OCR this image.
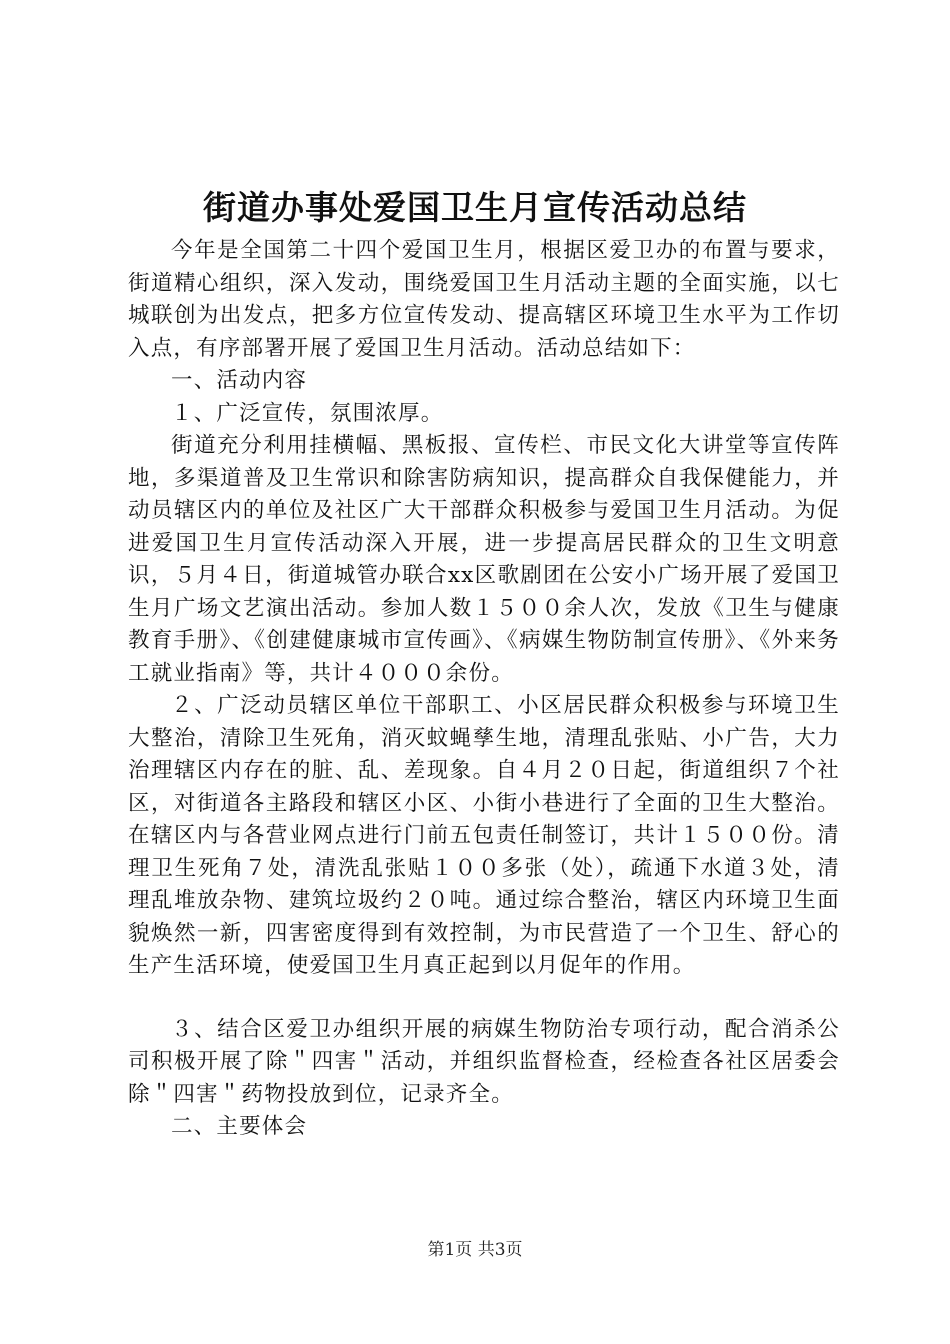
街道办事处爱国卫生月宣传活动总结

今年是全国第二十四个爱国卫生月，根据区爱卫办的布置与要求，街道精心组织，深入发动，围绕爱国卫生月活动主题的全面实施，以七城联创为出发点，把多方位宣传发动、提高辖区环境卫生水平为工作切入点，有序部署开展了爱国卫生月活动。活动总结如下：

一、活动内容

１、广泛宣传，氛围浓厚。

街道充分利用挂横幅、黑板报、宣传栏、市民文化大讲堂等宣传阵地，多渠道普及卫生常识和除害防病知识，提高群众自我保健能力，并动员辖区内的单位及社区广大干部群众积极参与爱国卫生月活动。为促进爱国卫生月宣传活动深入开展，进一步提高居民群众的卫生文明意识，５月４日，街道城管办联合xx区歌剧团在公安小广场开展了爱国卫生月广场文艺演出活动。参加人数１５００余人次，发放《卫生与健康教育手册》、《创建健康城市宣传画》、《病媒生物防制宣传册》、《外来务工就业指南》等，共计４０００余份。

２、广泛动员辖区单位干部职工、小区居民群众积极参与环境卫生大整治，清除卫生死角，消灭蚊蝇孳生地，清理乱张贴、小广告，大力治理辖区内存在的脏、乱、差现象。自４月２０日起，街道组织７个社区，对街道各主路段和辖区小区、小街小巷进行了全面的卫生大整治。在辖区内与各营业网点进行门前五包责任制签订，共计１５００份。清理卫生死角７处，清洗乱张贴１００多张（处），疏通下水道３处，清理乱堆放杂物、建筑垃圾约２０吨。通过综合整治，辖区内环境卫生面貌焕然一新，四害密度得到有效控制，为市民营造了一个卫生、舒心的生产生活环境，使爱国卫生月真正起到以月促年的作用。

３、结合区爱卫办组织开展的病媒生物防治专项行动，配合消杀公司积极开展了除＂四害＂活动，并组织监督检查，经检查各社区居委会除＂四害＂药物投放到位，记录齐全。

二、主要体会

第1页 共3页
